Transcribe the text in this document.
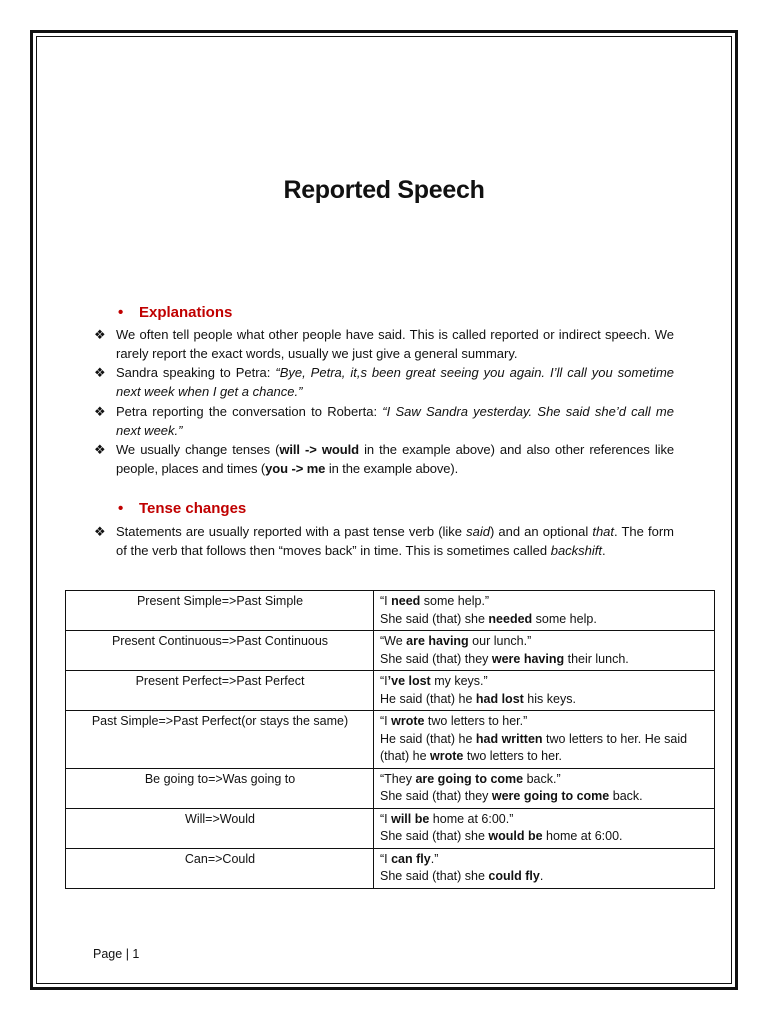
Reported Speech
• Explanations
❖ We often tell people what other people have said. This is called reported or indirect speech. We rarely report the exact words, usually we just give a general summary.
❖ Sandra speaking to Petra: “Bye, Petra, it,s been great seeing you again. I’ll call you sometime next week when I get a chance.”
❖ Petra reporting the conversation to Roberta: “I Saw Sandra yesterday. She said she’d call me next week.”
❖ We usually change tenses (will -> would in the example above) and also other references like people, places and times (you -> me in the example above).
• Tense changes
❖ Statements are usually reported with a past tense verb (like said) and an optional that. The form of the verb that follows then “moves back” in time. This is sometimes called backshift.
Present Simple=>Past Simple	“I need some help.”
She said (that) she needed some help.

Present Continuous=>Past Continuous	“We are having our lunch.”
She said (that) they were having their lunch.

Present Perfect=>Past Perfect	“I’ve lost my keys.”
He said (that) he had lost his keys.

Past Simple=>Past Perfect(or stays the same)	“I wrote two letters to her.”
He said (that) he had written two letters to her. He said (that) he wrote two letters to her.

Be going to=>Was going to	“They are going to come back.”
She said (that) they were going to come back.

Will=>Would	“I will be home at 6:00.”
She said (that) she would be home at 6:00.

Can=>Could	“I can fly.”
She said (that) she could fly.
Page | 1
